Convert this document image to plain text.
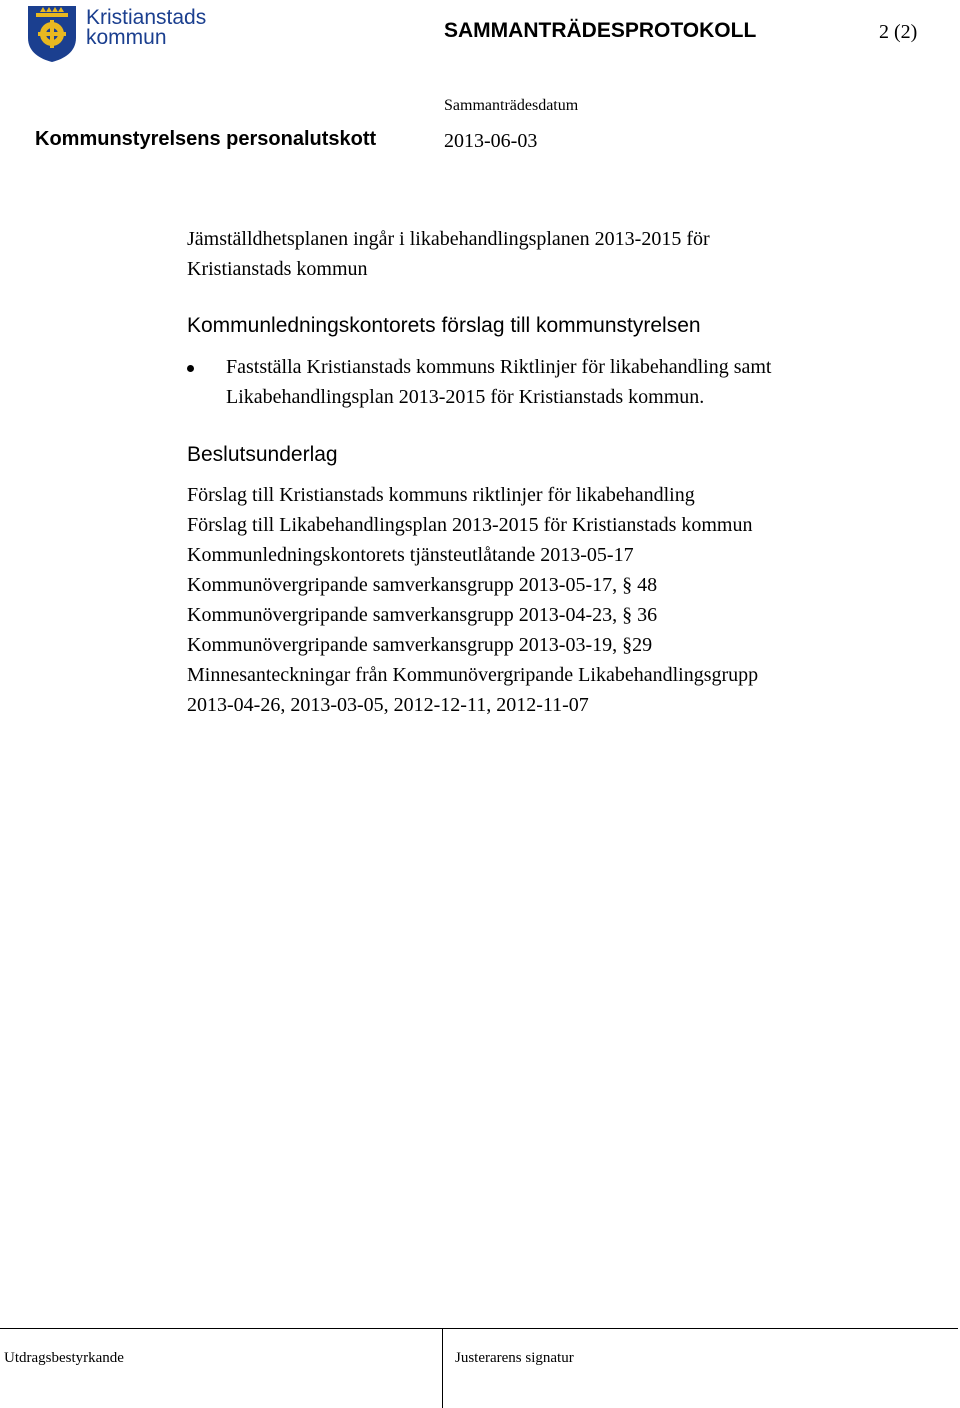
Kristianstads
kommun	SAMMANTRÄDESPROTOKOLL	2 (2)
Sammanträdesdatum
Kommunstyrelsens personalutskott	2013-06-03
Jämställdhetsplanen ingår i likabehandlingsplanen 2013-2015 för
Kristianstads kommun
Kommunledningskontorets förslag till kommunstyrelsen
Fastställa Kristianstads kommuns Riktlinjer för likabehandling samt
Likabehandlingsplan 2013-2015 för Kristianstads kommun.
Beslutsunderlag
Förslag till Kristianstads kommuns riktlinjer för likabehandling
Förslag till Likabehandlingsplan 2013-2015 för Kristianstads kommun
Kommunledningskontorets tjänsteutlåtande 2013-05-17
Kommunövergripande samverkansgrupp 2013-05-17, § 48
Kommunövergripande samverkansgrupp 2013-04-23, § 36
Kommunövergripande samverkansgrupp 2013-03-19, §29
Minnesanteckningar från Kommunövergripande Likabehandlingsgrupp
2013-04-26, 2013-03-05, 2012-12-11, 2012-11-07
Utdragsbestyrkande	Justerarens signatur
